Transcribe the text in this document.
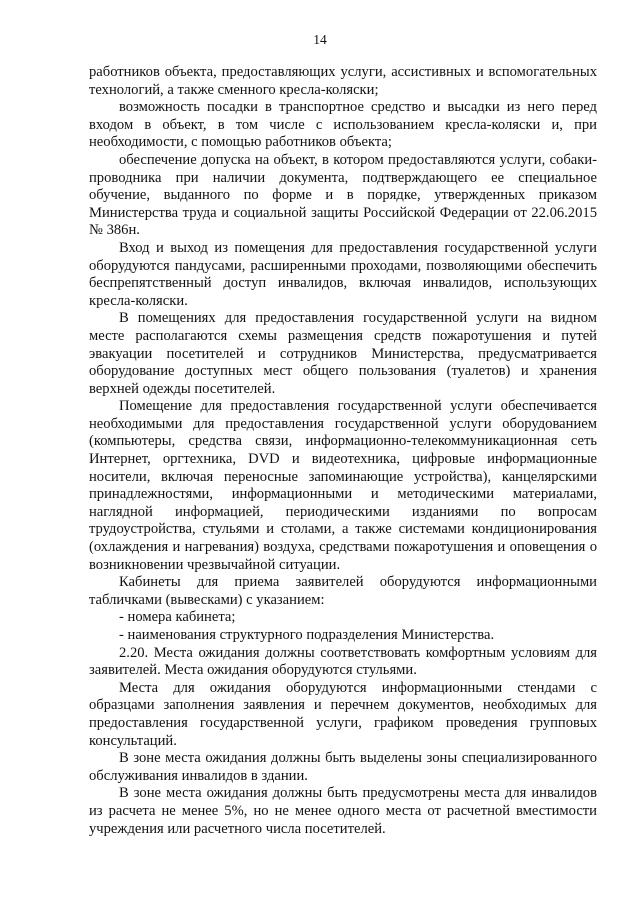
14

работников объекта, предоставляющих услуги, ассистивных и вспомогательных технологий, а также сменного кресла-коляски;

возможность посадки в транспортное средство и высадки из него перед входом в объект, в том числе с использованием кресла-коляски и, при необходимости, с помощью работников объекта;

обеспечение допуска на объект, в котором предоставляются услуги, собаки-проводника при наличии документа, подтверждающего ее специальное обучение, выданного по форме и в порядке, утвержденных приказом Министерства труда и социальной защиты Российской Федерации от 22.06.2015 № 386н.

Вход и выход из помещения для предоставления государственной услуги оборудуются пандусами, расширенными проходами, позволяющими обеспечить беспрепятственный доступ инвалидов, включая инвалидов, использующих кресла-коляски.

В помещениях для предоставления государственной услуги на видном месте располагаются схемы размещения средств пожаротушения и путей эвакуации посетителей и сотрудников Министерства, предусматривается оборудование доступных мест общего пользования (туалетов) и хранения верхней одежды посетителей.

Помещение для предоставления государственной услуги обеспечивается необходимыми для предоставления государственной услуги оборудованием (компьютеры, средства связи, информационно-телекоммуникационная сеть Интернет, оргтехника, DVD и видеотехника, цифровые информационные носители, включая переносные запоминающие устройства), канцелярскими принадлежностями, информационными и методическими материалами, наглядной информацией, периодическими изданиями по вопросам трудоустройства, стульями и столами, а также системами кондиционирования (охлаждения и нагревания) воздуха, средствами пожаротушения и оповещения о возникновении чрезвычайной ситуации.

Кабинеты для приема заявителей оборудуются информационными табличками (вывесками) с указанием:

- номера кабинета;

- наименования структурного подразделения Министерства.

2.20. Места ожидания должны соответствовать комфортным условиям для заявителей. Места ожидания оборудуются стульями.

Места для ожидания оборудуются информационными стендами с образцами заполнения заявления и перечнем документов, необходимых для предоставления государственной услуги, графиком проведения групповых консультаций.

В зоне места ожидания должны быть выделены зоны специализированного обслуживания инвалидов в здании.

В зоне места ожидания должны быть предусмотрены места для инвалидов из расчета не менее 5%, но не менее одного места от расчетной вместимости учреждения или расчетного числа посетителей.
